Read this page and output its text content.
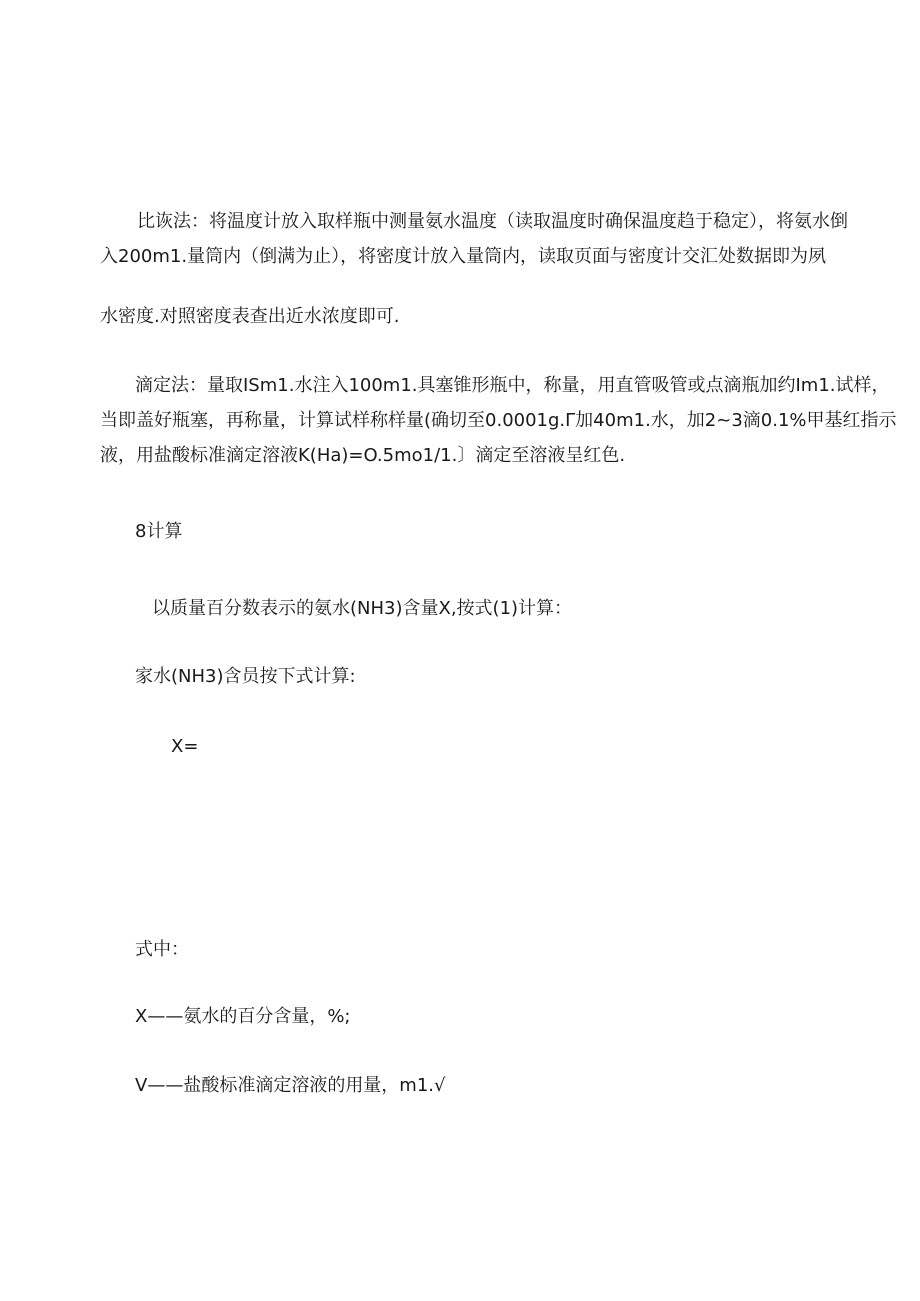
比诙法：将温度计放入取样瓶中测量氨水温度（读取温度时确保温度趋于稳定），将氨水倒
入200m1.量筒内（倒满为止），将密度计放入量筒内，读取页面与密度计交汇处数据即为夙
水密度.对照密度表查出近水浓度即可.
滴定法：量取ISm1.水注入100m1.具塞锥形瓶中，称量，用直管吸管或点滴瓶加约Im1.试样，
当即盖好瓶塞，再称量，计算试样称样量(确切至0.0001g.Γ加40m1.水，加2~3滴0.1%甲基红指示
液，用盐酸标准滴定溶液K(Ha)=O.5mo1∕1.〕滴定至溶液呈红色.
8计算
以质量百分数表示的氨水(NH3)含量X,按式(1)计算：
家水(NH3)含员按下式计算:
X=
式中：
X——氨水的百分含量，%;
V——盐酸标准滴定溶液的用量，m1.√
